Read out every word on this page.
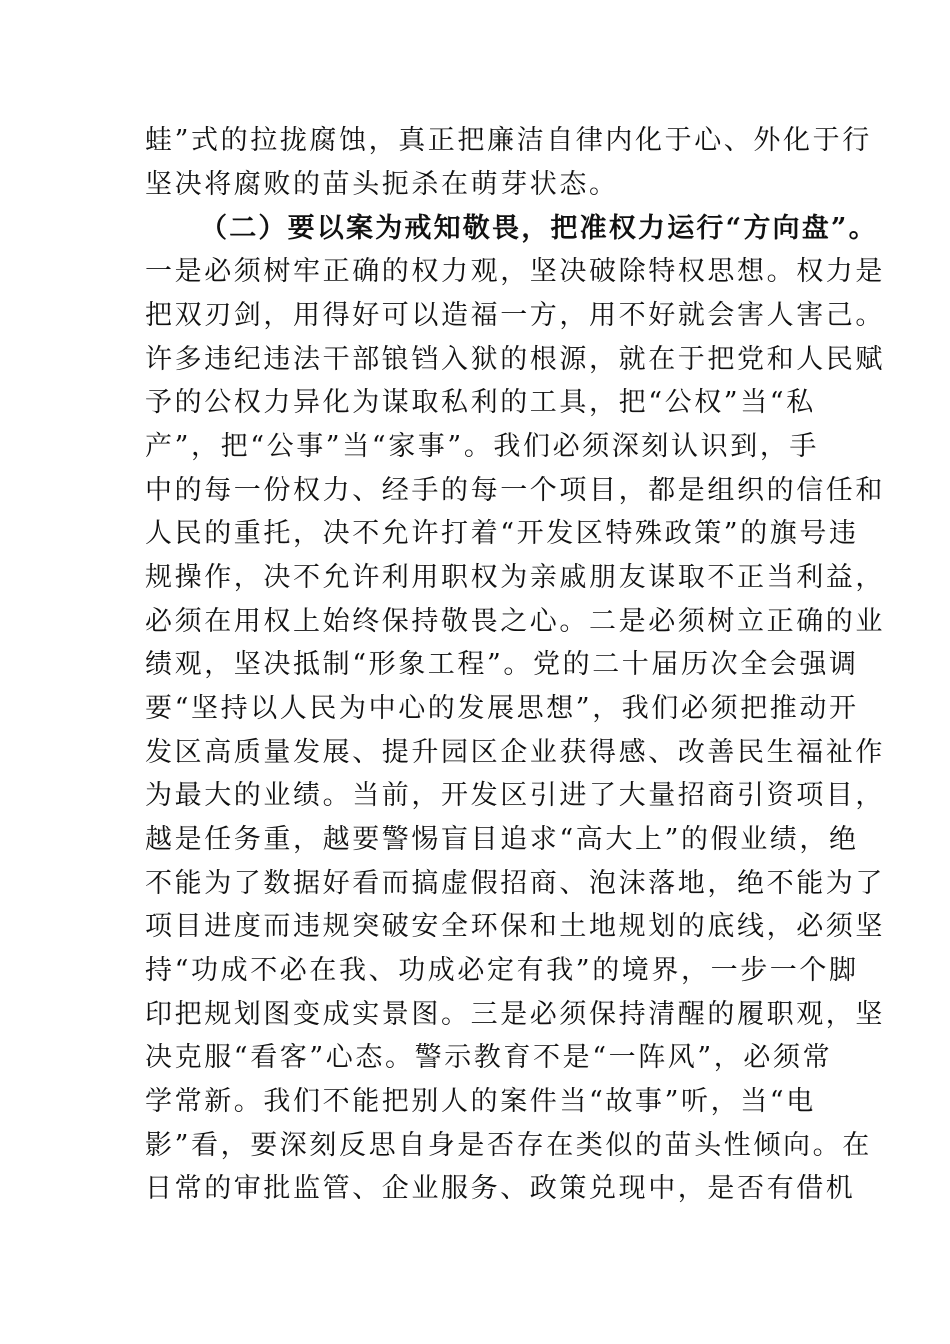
蛙”式的拉拢腐蚀，真正把廉洁自律内化于心、外化于行
坚决将腐败的苗头扼杀在萌芽状态。
（二）要以案为戒知敬畏，把准权力运行“方向盘”。
一是必须树牢正确的权力观，坚决破除特权思想。权力是
把双刃剑，用得好可以造福一方，用不好就会害人害己。
许多违纪违法干部锒铛入狱的根源，就在于把党和人民赋
予的公权力异化为谋取私利的工具，把“公权”当“私
产”，把“公事”当“家事”。我们必须深刻认识到，手
中的每一份权力、经手的每一个项目，都是组织的信任和
人民的重托，决不允许打着“开发区特殊政策”的旗号违
规操作，决不允许利用职权为亲戚朋友谋取不正当利益，
必须在用权上始终保持敬畏之心。二是必须树立正确的业
绩观，坚决抵制“形象工程”。党的二十届历次全会强调
要“坚持以人民为中心的发展思想”，我们必须把推动开
发区高质量发展、提升园区企业获得感、改善民生福祉作
为最大的业绩。当前，开发区引进了大量招商引资项目，
越是任务重，越要警惕盲目追求“高大上”的假业绩，绝
不能为了数据好看而搞虚假招商、泡沫落地，绝不能为了
项目进度而违规突破安全环保和土地规划的底线，必须坚
持“功成不必在我、功成必定有我”的境界，一步一个脚
印把规划图变成实景图。三是必须保持清醒的履职观，坚
决克服“看客”心态。警示教育不是“一阵风”，必须常
学常新。我们不能把别人的案件当“故事”听，当“电
影”看，要深刻反思自身是否存在类似的苗头性倾向。在
日常的审批监管、企业服务、政策兑现中，是否有借机
